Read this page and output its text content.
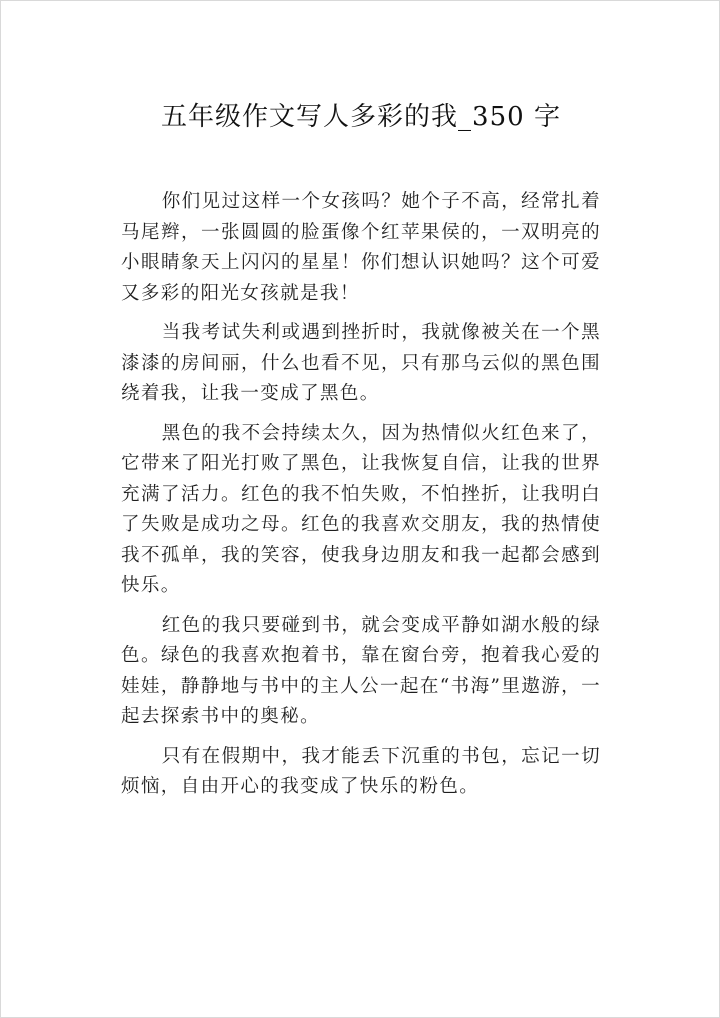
五年级作文写人多彩的我_350 字

你们见过这样一个女孩吗？她个子不高，经常扎着马尾辫，一张圆圆的脸蛋像个红苹果侯的，一双明亮的小眼睛象天上闪闪的星星！你们想认识她吗？这个可爱又多彩的阳光女孩就是我！

当我考试失利或遇到挫折时，我就像被关在一个黑漆漆的房间丽，什么也看不见，只有那乌云似的黑色围绕着我，让我一变成了黑色。

黑色的我不会持续太久，因为热情似火红色来了，它带来了阳光打败了黑色，让我恢复自信，让我的世界充满了活力。红色的我不怕失败，不怕挫折，让我明白了失败是成功之母。红色的我喜欢交朋友，我的热情使我不孤单，我的笑容，使我身边朋友和我一起都会感到快乐。

红色的我只要碰到书，就会变成平静如湖水般的绿色。绿色的我喜欢抱着书，靠在窗台旁，抱着我心爱的娃娃，静静地与书中的主人公一起在“书海”里遨游，一起去探索书中的奥秘。

只有在假期中，我才能丢下沉重的书包，忘记一切烦恼，自由开心的我变成了快乐的粉色。
